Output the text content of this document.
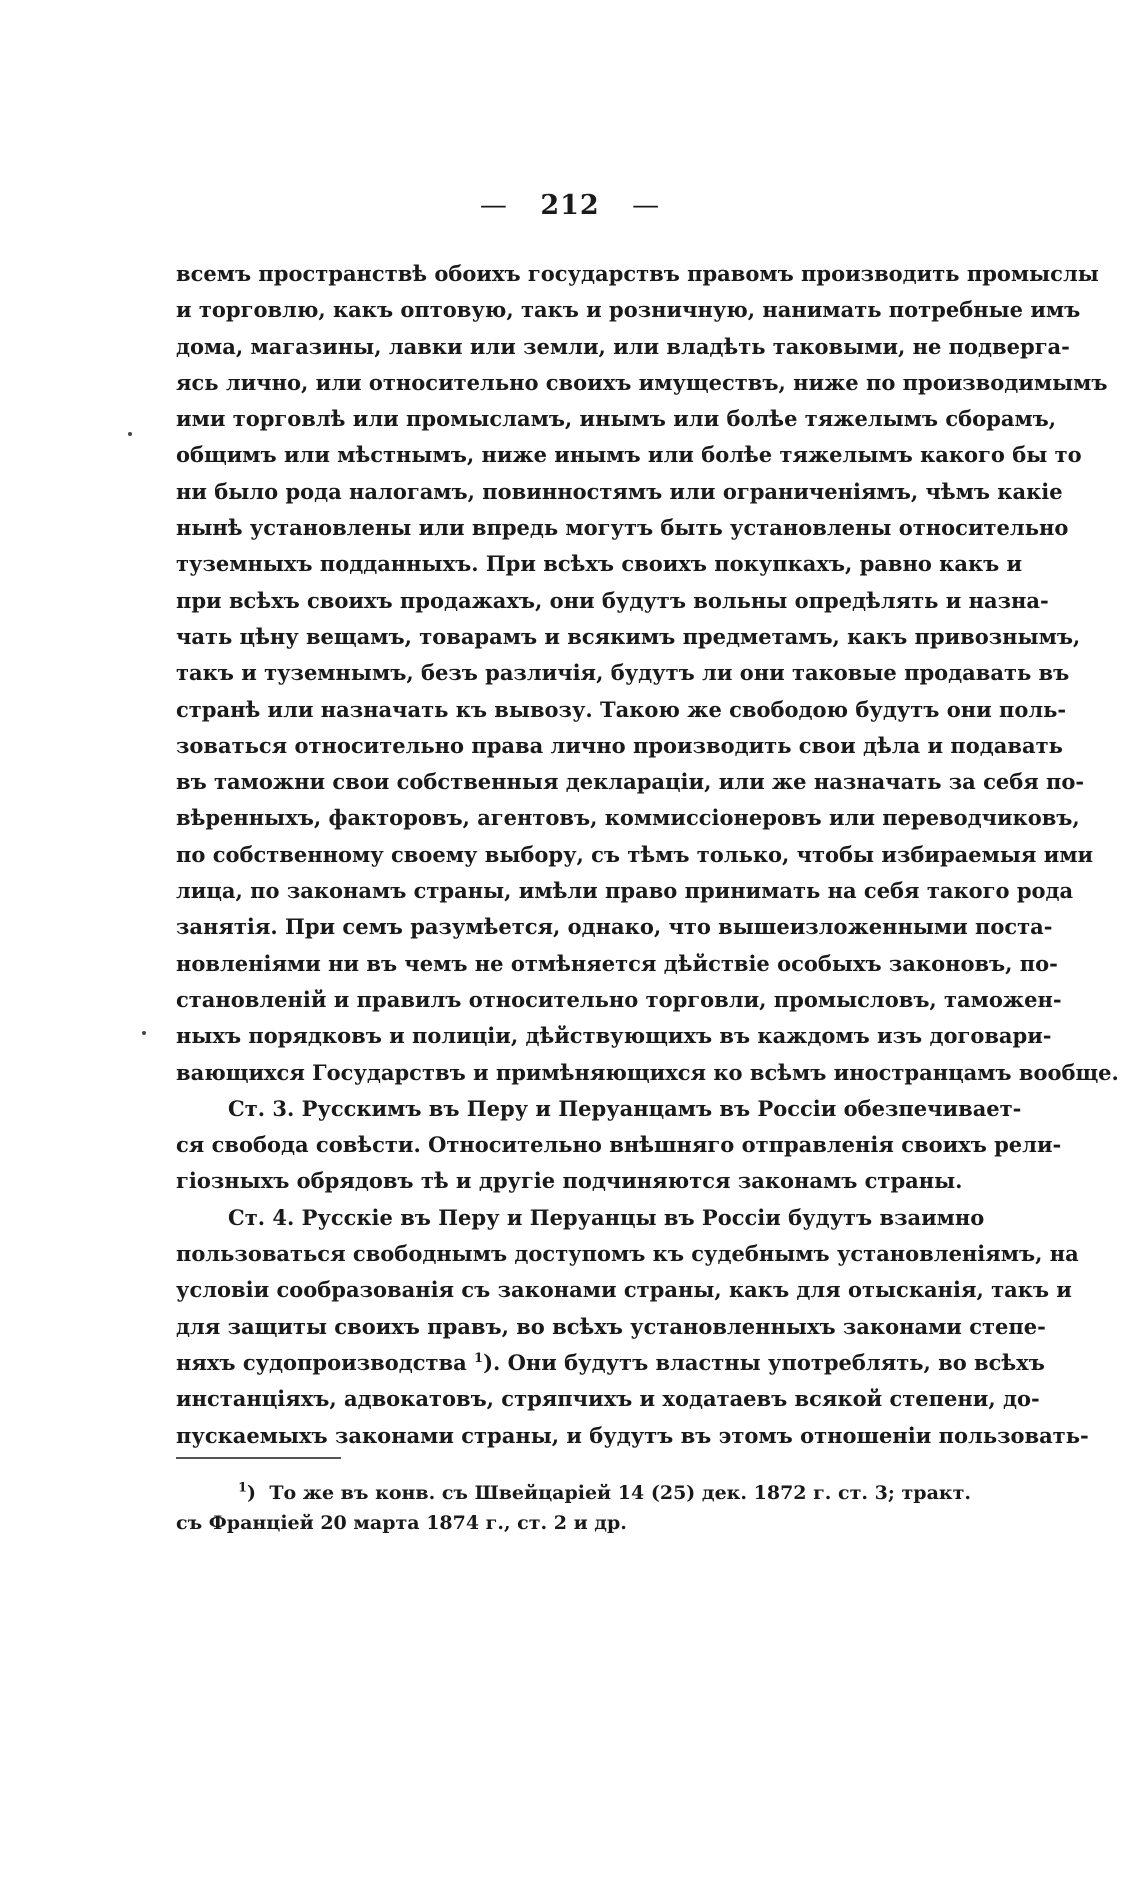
— 212 —
всемъ пространствѣ обоихъ государствъ правомъ производить промыслы
и торговлю, какъ оптовую, такъ и розничную, нанимать потребные имъ
дома, магазины, лавки или земли, или владѣть таковыми, не подверга-
ясь лично, или относительно своихъ имуществъ, ниже по производимымъ
ими торговлѣ или промысламъ, инымъ или болѣе тяжелымъ сборамъ,
общимъ или мѣстнымъ, ниже инымъ или болѣе тяжелымъ какого бы то
ни было рода налогамъ, повинностямъ или ограниченіямъ, чѣмъ какіе
нынѣ установлены или впредь могутъ быть установлены относительно
туземныхъ подданныхъ. При всѣхъ своихъ покупкахъ, равно какъ и
при всѣхъ своихъ продажахъ, они будутъ вольны опредѣлять и назна-
чать цѣну вещамъ, товарамъ и всякимъ предметамъ, какъ привознымъ,
такъ и туземнымъ, безъ различія, будутъ ли они таковые продавать въ
странѣ или назначать къ вывозу. Такою же свободою будутъ они поль-
зоваться относительно права лично производить свои дѣла и подавать
въ таможни свои собственныя декларацiи, или же назначать за себя по-
вѣренныхъ, факторовъ, агентовъ, коммиссіонеровъ или переводчиковъ,
по собственному своему выбору, съ тѣмъ только, чтобы избираемыя ими
лица, по законамъ страны, имѣли право принимать на себя такого рода
занятія. При семъ разумѣется, однако, что вышеизложенными поста-
новленіями ни въ чемъ не отмѣняется дѣйствіе особыхъ законовъ, по-
становленій и правилъ относительно торговли, промысловъ, таможен-
ныхъ порядковъ и полиціи, дѣйствующихъ въ каждомъ изъ договари-
вающихся Государствъ и примѣняющихся ко всѣмъ иностранцамъ вообще.
Ст. 3. Русскимъ въ Перу и Перуанцамъ въ Россіи обезпечивает-
ся свобода совѣсти. Относительно внѣшняго отправленія своихъ рели-
гіозныхъ обрядовъ тѣ и другіе подчиняются законамъ страны.
Ст. 4. Русскіе въ Перу и Перуанцы въ Россіи будутъ взаимно
пользоваться свободнымъ доступомъ къ судебнымъ установленіямъ, на
условіи сообразованія съ законами страны, какъ для отысканія, такъ и
для защиты своихъ правъ, во всѣхъ установленныхъ законами степе-
няхъ судопроизводства $^1$). Они будутъ властны употреблять, во всѣхъ
инстанціяхъ, адвокатовъ, стряпчихъ и ходатаевъ всякой степени, до-
пускаемыхъ законами страны, и будутъ въ этомъ отношеніи пользовать-
$^1$) То же въ конв. съ Швейцаріей 14 (25) дек. 1872 г. ст. 3; тракт.
съ Франціей 20 марта 1874 г., ст. 2 и др.
